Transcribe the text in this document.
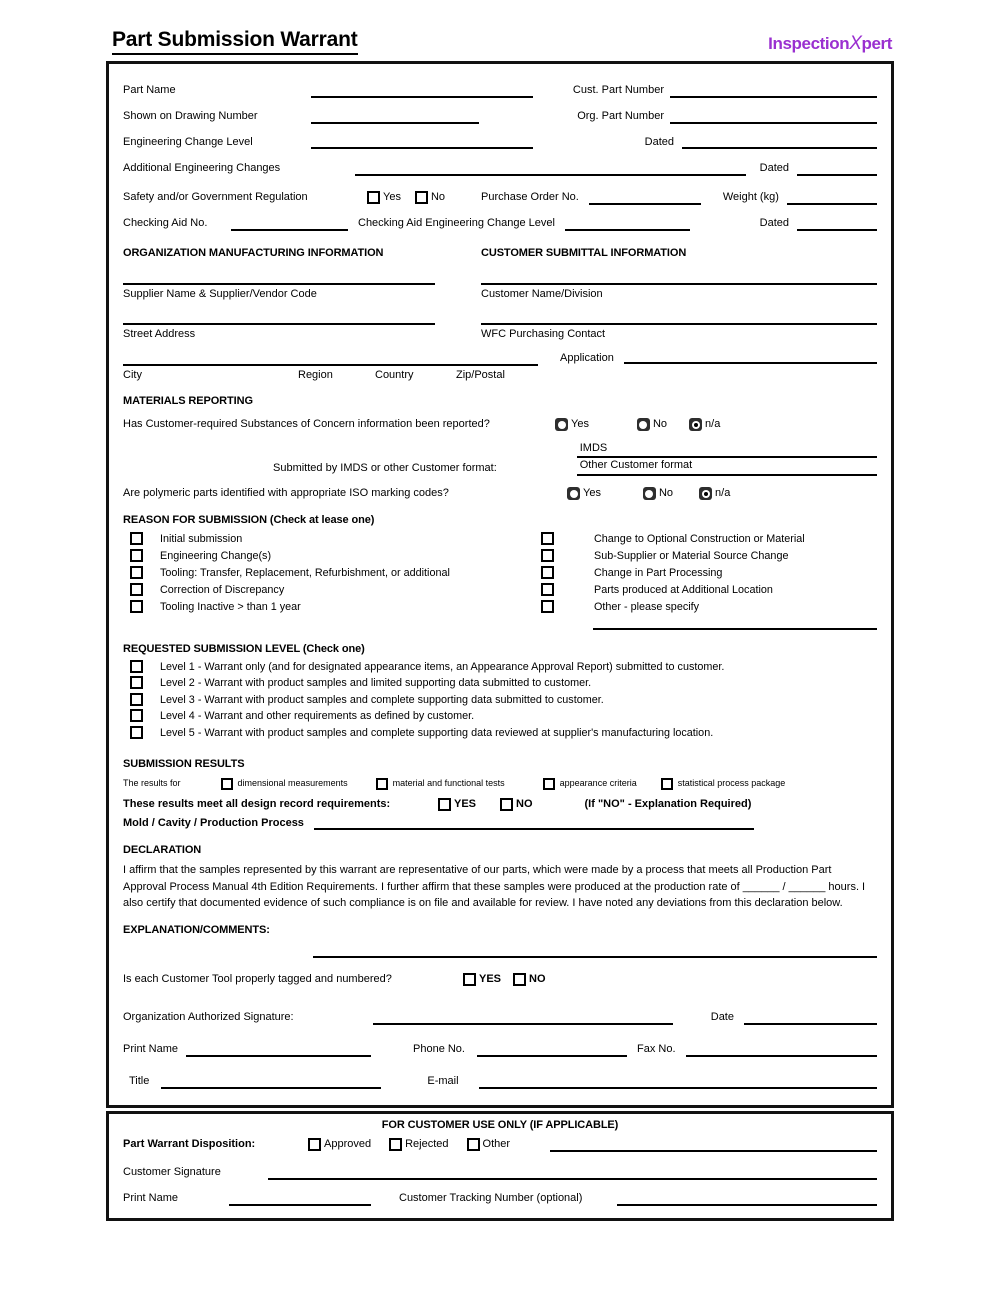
Part Submission Warrant	InspectionXpert
Part Name	Cust. Part Number
Shown on Drawing Number	Org. Part Number
Engineering Change Level	Dated
Additional Engineering Changes	Dated
Safety and/or Government Regulation	Yes	No	Purchase Order No.	Weight (kg)
Checking Aid No.	Checking Aid Engineering Change Level	Dated
ORGANIZATION MANUFACTURING INFORMATION	CUSTOMER SUBMITTAL INFORMATION
Supplier Name & Supplier/Vendor Code	Customer Name/Division
Street Address	WFC Purchasing Contact
City	Region	Country	Zip/Postal
Application
MATERIALS REPORTING
Has Customer-required Substances of Concern information been reported?	Yes	No	n/a
Submitted by IMDS or other Customer format:
IMDS
Other Customer format
Are polymeric parts identified with appropriate ISO marking codes?	Yes	No	n/a
REASON FOR SUBMISSION (Check at lease one)
Initial submission
Engineering Change(s)
Tooling: Transfer, Replacement, Refurbishment, or additional
Correction of Discrepancy
Tooling Inactive > than 1 year
Change to Optional Construction or Material
Sub-Supplier or Material Source Change
Change in Part Processing
Parts produced at Additional Location
Other - please specify
REQUESTED SUBMISSION LEVEL (Check one)
Level 1 - Warrant only (and for designated appearance items, an Appearance Approval Report) submitted to customer.
Level 2 - Warrant with product samples and limited supporting data submitted to customer.
Level 3 - Warrant with product samples and complete supporting data submitted to customer.
Level 4 - Warrant and other requirements as defined by customer.
Level 5 - Warrant with product samples and complete supporting data reviewed at supplier's manufacturing location.
SUBMISSION RESULTS
The results for	dimensional measurements	material and functional tests	appearance criteria	statistical process package
These results meet all design record requirements:	YES	NO	(If "NO" - Explanation Required)
Mold / Cavity / Production Process
DECLARATION

I affirm that the samples represented by this warrant are representative of our parts, which were made by a process that meets all Production Part Approval Process Manual 4th Edition Requirements. I further affirm that these samples were produced at the production rate of ______ / ______ hours. I also certify that documented evidence of such compliance is on file and available for review. I have noted any deviations from this declaration below.

EXPLANATION/COMMENTS:
Is each Customer Tool properly tagged and numbered?	YES	NO
Organization Authorized Signature:	Date
Print Name	Phone No.	Fax No.
Title	E-mail
FOR CUSTOMER USE ONLY (IF APPLICABLE)
Part Warrant Disposition:	Approved	Rejected	Other
Customer Signature
Print Name	Customer Tracking Number (optional)
